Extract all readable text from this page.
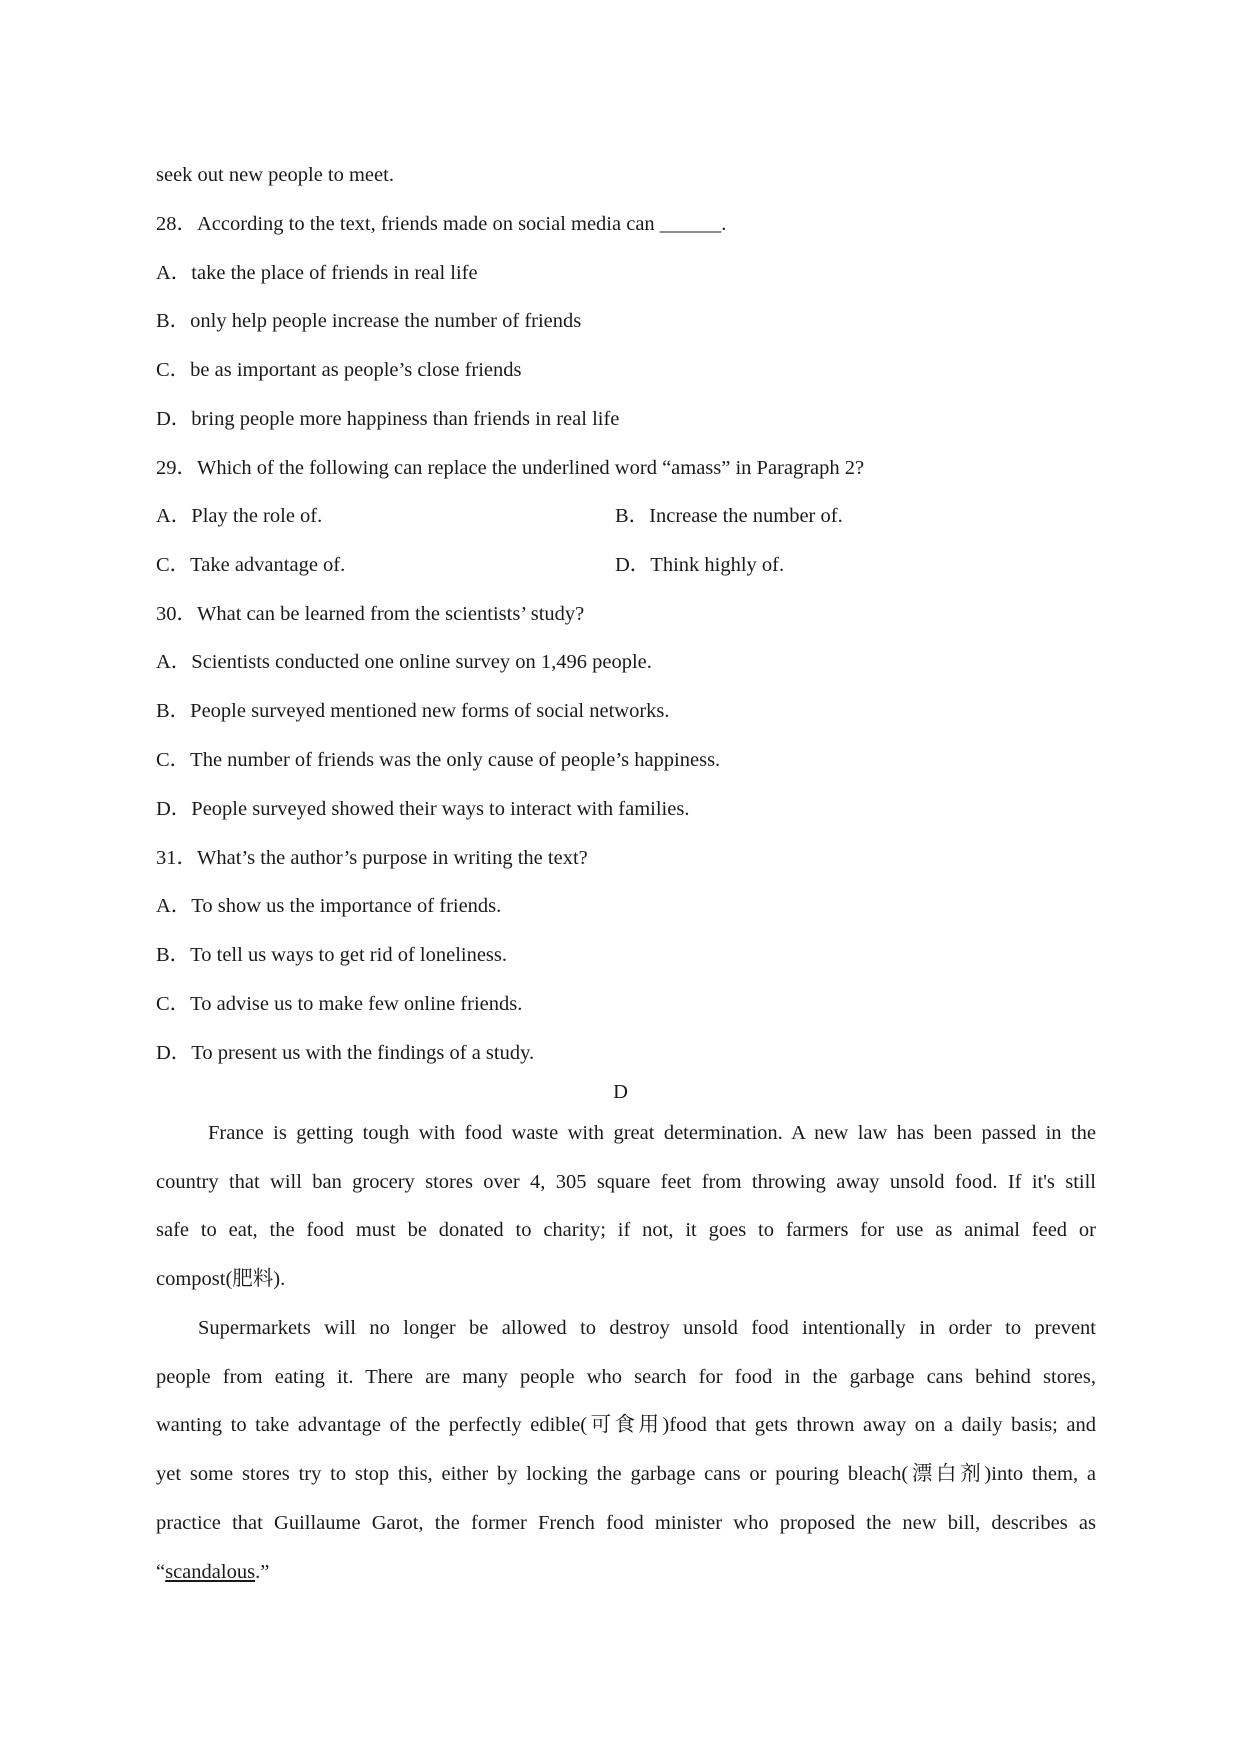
seek out new people to meet.
28．According to the text, friends made on social media can ______.
A．take the place of friends in real life
B．only help people increase the number of friends
C．be as important as people’s close friends
D．bring people more happiness than friends in real life
29．Which of the following can replace the underlined word “amass” in Paragraph 2?
A．Play the role of.	B．Increase the number of.
C．Take advantage of.	D．Think highly of.
30．What can be learned from the scientists’ study?
A．Scientists conducted one online survey on 1,496 people.
B．People surveyed mentioned new forms of social networks.
C．The number of friends was the only cause of people’s happiness.
D．People surveyed showed their ways to interact with families.
31．What’s the author’s purpose in writing the text?
A．To show us the importance of friends.
B．To tell us ways to get rid of loneliness.
C．To advise us to make few online friends.
D．To present us with the findings of a study.
D
France is getting tough with food waste with great determination. A new law has been passed in the
country that will ban grocery stores over 4, 305 square feet from throwing away unsold food. If it's still
safe to eat, the food must be donated to charity; if not, it goes to farmers for use as animal feed or
compost(肥料).
Supermarkets will no longer be allowed to destroy unsold food intentionally in order to prevent
people from eating it. There are many people who search for food in the garbage cans behind stores,
wanting to take advantage of the perfectly edible(可食用)food that gets thrown away on a daily basis; and
yet some stores try to stop this, either by locking the garbage cans or pouring bleach(漂白剂)into them, a
practice that Guillaume Garot, the former French food minister who proposed the new bill, describes as
“scandalous.”
